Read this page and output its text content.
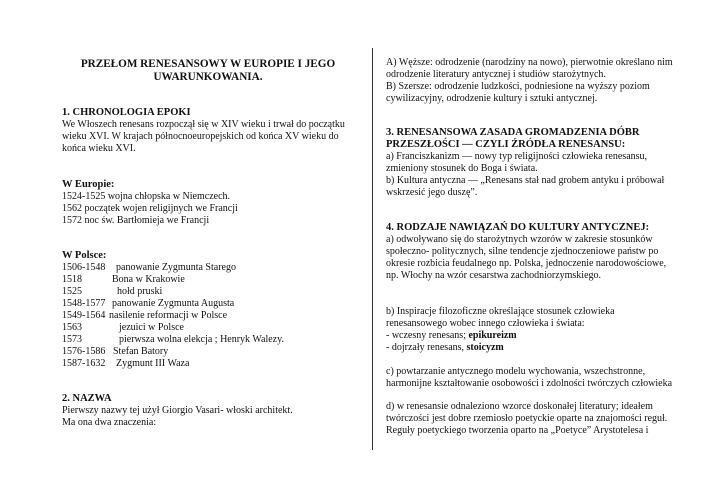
PRZEŁOM RENESANSOWY W EUROPIE I JEGO
UWARUNKOWANIA.
1. CHRONOLOGIA EPOKI
We Włoszech renesans rozpoczął się w XIV wieku i trwał do początku
wieku XVI. W krajach północnoeuropejskich od końca XV wieku do
końca wieku XVI.
W Europie:
1524-1525 wojna chłopska w Niemczech.
1562 początek wojen religijnych we Francji
1572 noc św. Bartłomieja we Francji
W Polsce:
1506-1548 panowanie Zygmunta Starego
1518	Bona w Krakowie
1525	hołd pruski
1548-1577 panowanie Zygmunta Augusta
1549-1564 nasilenie reformacji w Polsce
1563	jezuici w Polsce
1573	pierwsza wolna elekcja ; Henryk Walezy.
1576-1586 Stefan Batory
1587-1632 Zygmunt III Waza
2. NAZWA
Pierwszy nazwy tej użył Giorgio Vasari- włoski architekt.
Ma ona dwa znaczenia:
A) Węższe: odrodzenie (narodziny na nowo), pierwotnie określano nim
odrodzenie literatury antycznej i studiów starożytnych.
B) Szersze: odrodzenie ludzkości, podniesione na wyższy poziom
cywilizacyjny, odrodzenie kultury i sztuki antycznej.
3. RENESANSOWA ZASADA GROMADZENIA DÓBR
PRZESZŁOŚCI — CZYLI ŹRÓDŁA RENESANSU:
a) Franciszkanizm — nowy typ religijności człowieka renesansu,
zmieniony stosunek do Boga i świata.
b) Kultura antyczna — „Renesans stał nad grobem antyku i próbował
wskrzesić jego duszę”.
4. RODZAJE NAWIĄZAŃ DO KULTURY ANTYCZNEJ:
a) odwoływano się do starożytnych wzorów w zakresie stosunków
społeczno- politycznych, silne tendencje zjednoczeniowe państw po
okresie rozbicia feudalnego np. Polska, jednoczenie narodowościowe,
np. Włochy na wzór cesarstwa zachodniorzymskiego.
b) Inspiracje filozoficzne określające stosunek człowieka
renesansowego wobec innego człowieka i świata:
- wczesny renesans; epikureizm
- dojrzały renesans, stoicyzm
c) powtarzanie antycznego modelu wychowania, wszechstronne,
harmonijne kształtowanie osobowości i zdolności twórczych człowieka
d) w renesansie odnaleziono wzorce doskonałej literatury; ideałem
twórczości jest dobre rzemiosło poetyckie oparte na znajomości reguł.
Reguły poetyckiego tworzenia oparto na „Poetyce” Arystotelesa i
